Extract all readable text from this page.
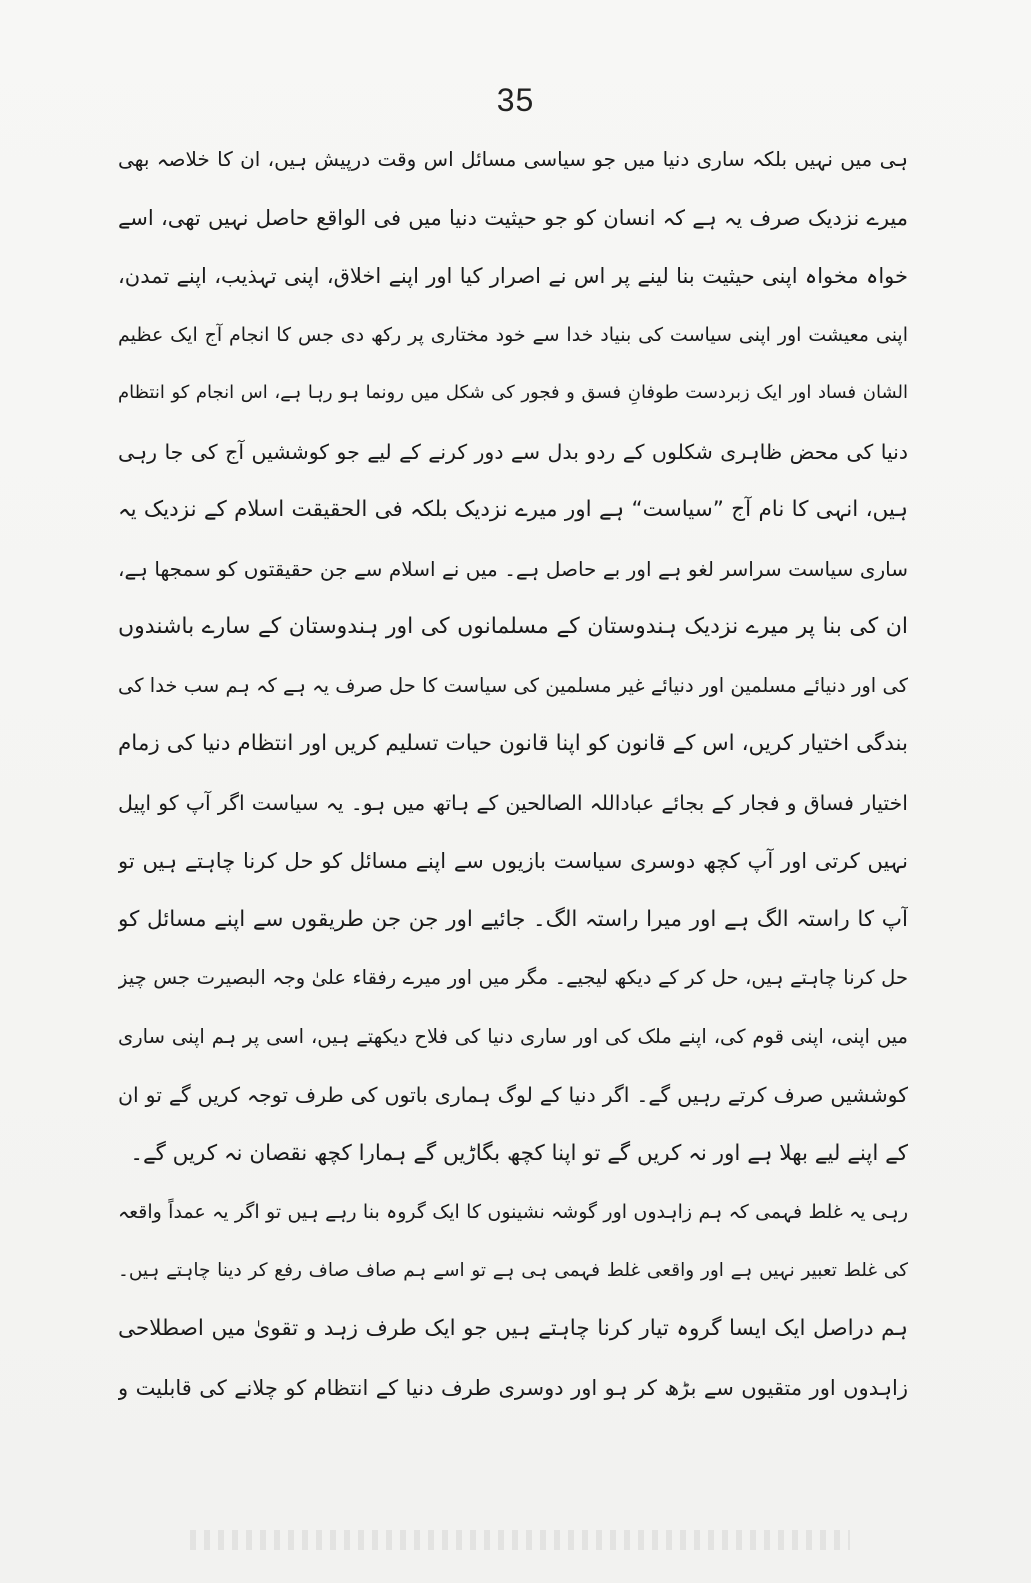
35
ہی میں نہیں بلکہ ساری دنیا میں جو سیاسی مسائل اس وقت درپیش ہیں، ان کا خلاصہ بھی
میرے نزدیک صرف یہ ہے کہ انسان کو جو حیثیت دنیا میں فی الواقع حاصل نہیں تھی، اسے
خواہ مخواہ اپنی حیثیت بنا لینے پر اس نے اصرار کیا اور اپنے اخلاق، اپنی تہذیب، اپنے تمدن،
اپنی معیشت اور اپنی سیاست کی بنیاد خدا سے خود مختاری پر رکھ دی جس کا انجام آج ایک عظیم
الشان فساد اور ایک زبردست طوفانِ فسق و فجور کی شکل میں رونما ہو رہا ہے، اس انجام کو انتظام
دنیا کی محض ظاہری شکلوں کے ردو بدل سے دور کرنے کے لیے جو کوششیں آج کی جا رہی
ہیں، انہی کا نام آج ”سیاست“ ہے اور میرے نزدیک بلکہ فی الحقیقت اسلام کے نزدیک یہ
ساری سیاست سراسر لغو ہے اور بے حاصل ہے۔ میں نے اسلام سے جن حقیقتوں کو سمجھا ہے،
ان کی بنا پر میرے نزدیک ہندوستان کے مسلمانوں کی اور ہندوستان کے سارے باشندوں
کی اور دنیائے مسلمین اور دنیائے غیر مسلمین کی سیاست کا حل صرف یہ ہے کہ ہم سب خدا کی
بندگی اختیار کریں، اس کے قانون کو اپنا قانون حیات تسلیم کریں اور انتظام دنیا کی زمام
اختیار فساق و فجار کے بجائے عباداللہ الصالحین کے ہاتھ میں ہو۔ یہ سیاست اگر آپ کو اپیل
نہیں کرتی اور آپ کچھ دوسری سیاست بازیوں سے اپنے مسائل کو حل کرنا چاہتے ہیں تو
آپ کا راستہ الگ ہے اور میرا راستہ الگ۔ جائیے اور جن جن طریقوں سے اپنے مسائل کو
حل کرنا چاہتے ہیں، حل کر کے دیکھ لیجیے۔ مگر میں اور میرے رفقاء علیٰ وجہ البصیرت جس چیز
میں اپنی، اپنی قوم کی، اپنے ملک کی اور ساری دنیا کی فلاح دیکھتے ہیں، اسی پر ہم اپنی ساری
کوششیں صرف کرتے رہیں گے۔ اگر دنیا کے لوگ ہماری باتوں کی طرف توجہ کریں گے تو ان
کے اپنے لیے بھلا ہے اور نہ کریں گے تو اپنا کچھ بگاڑیں گے ہمارا کچھ نقصان نہ کریں گے۔
رہی یہ غلط فہمی کہ ہم زاہدوں اور گوشہ نشینوں کا ایک گروہ بنا رہے ہیں تو اگر یہ عمداً واقعہ
کی غلط تعبیر نہیں ہے اور واقعی غلط فہمی ہی ہے تو اسے ہم صاف صاف رفع کر دینا چاہتے ہیں۔
ہم دراصل ایک ایسا گروہ تیار کرنا چاہتے ہیں جو ایک طرف زہد و تقویٰ میں اصطلاحی
زاہدوں اور متقیوں سے بڑھ کر ہو اور دوسری طرف دنیا کے انتظام کو چلانے کی قابلیت و
